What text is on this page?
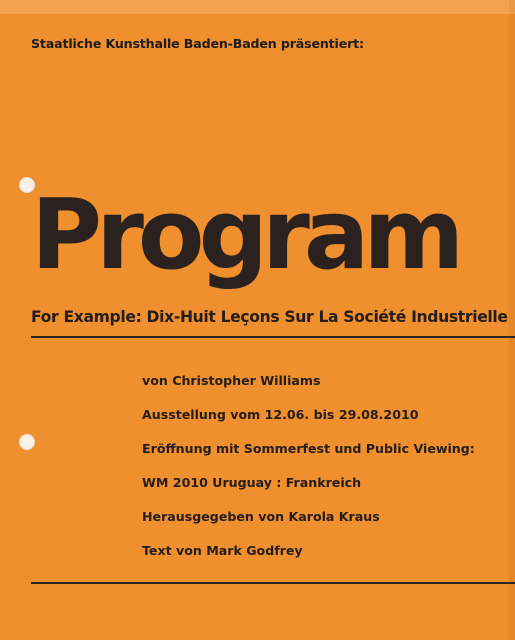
Staatliche Kunsthalle Baden-Baden präsentiert:

Program
For Example: Dix-Huit Leçons Sur La Société Industrielle
von Christopher Williams
Ausstellung vom 12.06. bis 29.08.2010
Eröffnung mit Sommerfest und Public Viewing:
WM 2010 Uruguay : Frankreich
Herausgegeben von Karola Kraus
Text von Mark Godfrey
